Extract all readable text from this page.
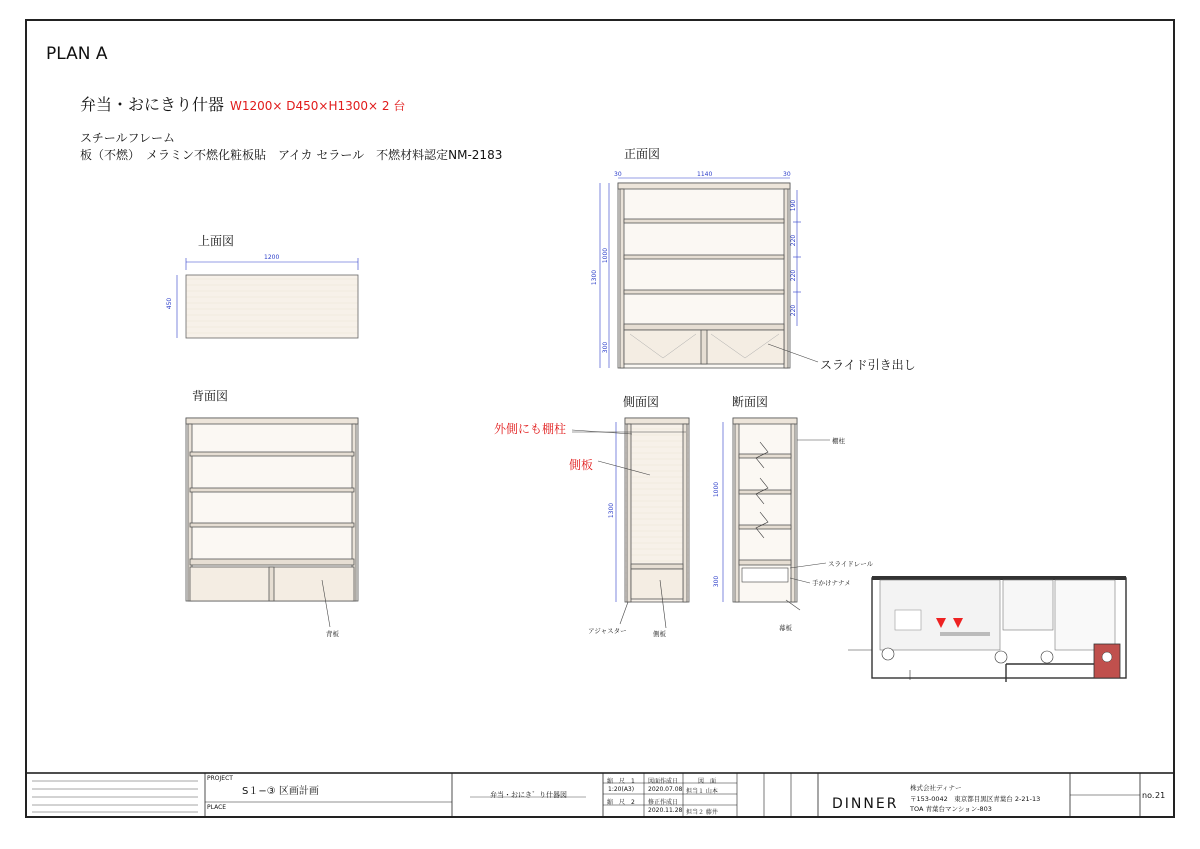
PLAN A
弁当・おにきり什器 W1200× D450×H1300× 2 台
スチールフレーム
板（不燃）　メラミン不燃化粧板貼　アイカ セラール　不燃材料認定NM-2183
上面図
背面図
正面図
側面図	断面図
1200
450
30	1140	30
1300
1000
300
190
220
220
220
1300
1000
300
スライド引き出し
外側にも棚柱
側板
アジャスター	側板
背板
棚柱
スライドレール
手かけナナメ
幕板
PROJECT
S１−③ 区画計画
PLACE
弁当・おにき゛り什器図
縮　尺　1
1:20(A3)
縮　尺　2
図面作成日
2020.07.08
修正作成日
2020.11.28
図　面
担当１ 山本
担当２ 藤井
DINNER
株式会社ディナー
〒153-0042　東京都目黒区青葉台 2-21-13
TOA 青葉台マンション-803
no. 21
